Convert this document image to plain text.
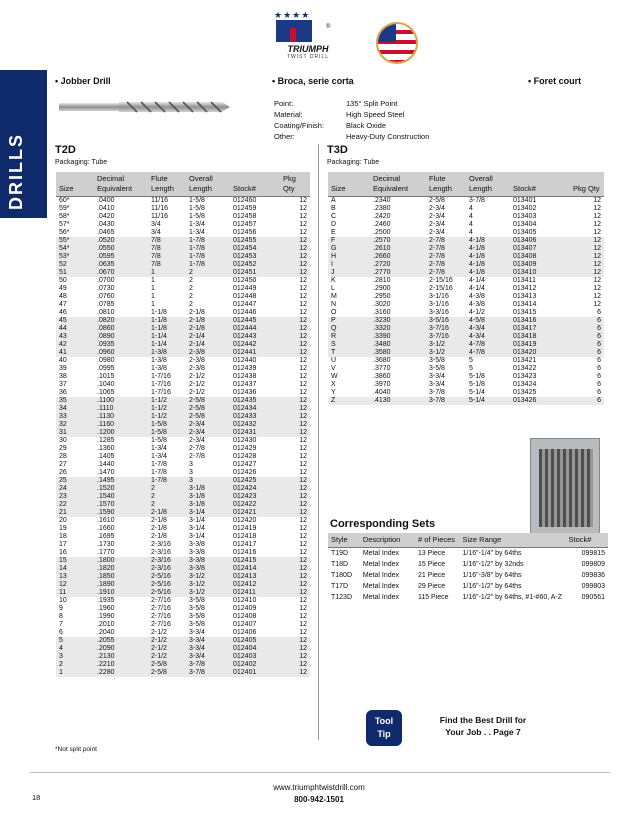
★★★★
®
TRIUMPH
TWIST DRILL
DRILLS
• Jobber Drill	• Broca, serie corta	• Foret court
Point:	135° Split Point
Material:	High Speed Steel
Coating/Finish:	Black Oxide
Other:	Heavy-Duty Construction
T2D
Packaging: Tube
Size	Decimal Equivalent	Flute Length	Overall Length	Stock#	Pkg Qty
60*	.0400	11/16	1-5/8	012460	12
59*	.0410	11/16	1-5/8	012459	12
58*	.0420	11/16	1-5/8	012458	12
57*	.0430	3/4	1-3/4	012457	12
56*	.0465	3/4	1-3/4	012456	12
55*	.0520	7/8	1-7/8	012455	12
54*	.0550	7/8	1-7/8	012454	12
53*	.0595	7/8	1-7/8	012453	12
52	.0635	7/8	1-7/8	012452	12
51	.0670	1	2	012451	12
50	.0700	1	2	012450	12
49	.0730	1	2	012449	12
48	.0760	1	2	012448	12
47	.0785	1	2	012447	12
46	.0810	1-1/8	2-1/8	012446	12
45	.0820	1-1/8	2-1/8	012445	12
44	.0860	1-1/8	2-1/8	012444	12
43	.0890	1-1/4	2-1/4	012443	12
42	.0935	1-1/4	2-1/4	012442	12
41	.0960	1-3/8	2-3/8	012441	12
40	.0980	1-3/8	2-3/8	012440	12
39	.0995	1-3/8	2-3/8	012439	12
38	.1015	1-7/16	2-1/2	012438	12
37	.1040	1-7/16	2-1/2	012437	12
36	.1065	1-7/16	2-1/2	012436	12
35	.1100	1-1/2	2-5/8	012435	12
34	.1110	1-1/2	2-5/8	012434	12
33	.1130	1-1/2	2-5/8	012433	12
32	.1160	1-5/8	2-3/4	012432	12
31	.1200	1-5/8	2-3/4	012431	12
30	.1285	1-5/8	2-3/4	012430	12
29	.1360	1-3/4	2-7/8	012429	12
28	.1405	1-3/4	2-7/8	012428	12
27	.1440	1-7/8	3	012427	12
26	.1470	1-7/8	3	012426	12
25	.1495	1-7/8	3	012425	12
24	.1520	2	3-1/8	012424	12
23	.1540	2	3-1/8	012423	12
22	.1570	2	3-1/8	012422	12
21	.1590	2-1/8	3-1/4	012421	12
20	.1610	2-1/8	3-1/4	012420	12
19	.1660	2-1/8	3-1/4	012419	12
18	.1695	2-1/8	3-1/4	012418	12
17	.1730	2-3/16	3-3/8	012417	12
16	.1770	2-3/16	3-3/8	012416	12
15	.1800	2-3/16	3-3/8	012415	12
14	.1820	2-3/16	3-3/8	012414	12
13	.1850	2-5/16	3-1/2	012413	12
12	.1890	2-5/16	3-1/2	012412	12
11	.1910	2-5/16	3-1/2	012411	12
10	.1935	2-7/16	3-5/8	012410	12
9	.1960	2-7/16	3-5/8	012409	12
8	.1990	2-7/16	3-5/8	012408	12
7	.2010	2-7/16	3-5/8	012407	12
6	.2040	2-1/2	3-3/4	012406	12
5	.2055	2-1/2	3-3/4	012405	12
4	.2090	2-1/2	3-3/4	012404	12
3	.2130	2-1/2	3-3/4	012403	12
2	.2210	2-5/8	3-7/8	012402	12
1	.2280	2-5/8	3-7/8	012401	12
T3D
Packaging: Tube
Size	Decimal Equivalent	Flute Length	Overall Length	Stock#	Pkg Qty
A	.2340	2-5/8	3-7/8	013401	12
B	.2380	2-3/4	4	013402	12
C	.2420	2-3/4	4	013403	12
D	.2460	2-3/4	4	013404	12
E	.2500	2-3/4	4	013405	12
F	.2570	2-7/8	4-1/8	013406	12
G	.2610	2-7/8	4-1/8	013407	12
H	.2660	2-7/8	4-1/8	013408	12
I	.2720	2-7/8	4-1/8	013409	12
J	.2770	2-7/8	4-1/8	013410	12
K	.2810	2-15/16	4-1/4	013411	12
L	.2900	2-15/16	4-1/4	013412	12
M	.2950	3-1/16	4-3/8	013413	12
N	.3020	3-1/16	4-3/8	013414	12
O	.3160	3-3/16	4-1/2	013415	6
P	.3230	3-5/16	4-5/8	013416	6
Q	.3320	3-7/16	4-3/4	013417	6
R	.3390	3-7/16	4-3/4	013418	6
S	.3480	3-1/2	4-7/8	013419	6
T	.3580	3-1/2	4-7/8	013420	6
U	.3680	3-5/8	5	013421	6
V	.3770	3-5/8	5	013422	6
W	.3860	3-3/4	5-1/8	013423	6
X	.3970	3-3/4	5-1/8	013424	6
Y	.4040	3-7/8	5-1/4	013425	6
Z	.4130	3-7/8	5-1/4	013426	6
Corresponding Sets
Style	Description	# of Pieces	Size Range	Stock#
T19D	Metal Index	13 Piece	1/16"-1/4" by 64ths	099815
T18D	Metal Index	15 Piece	1/16"-1/2" by 32nds	099809
T180D	Metal Index	21 Piece	1/16"-3/8" by 64ths	099836
T17D	Metal Index	29 Piece	1/16"-1/2" by 64ths	099803
T123D	Metal Index	115 Piece	1/16"-1/2" by 64ths, #1-#60, A-Z	090561
Tool
Tip
Find the Best Drill for
Your Job . . Page 7
*Not split point
www.triumphtwistdrill.com
800-942-1501
18
